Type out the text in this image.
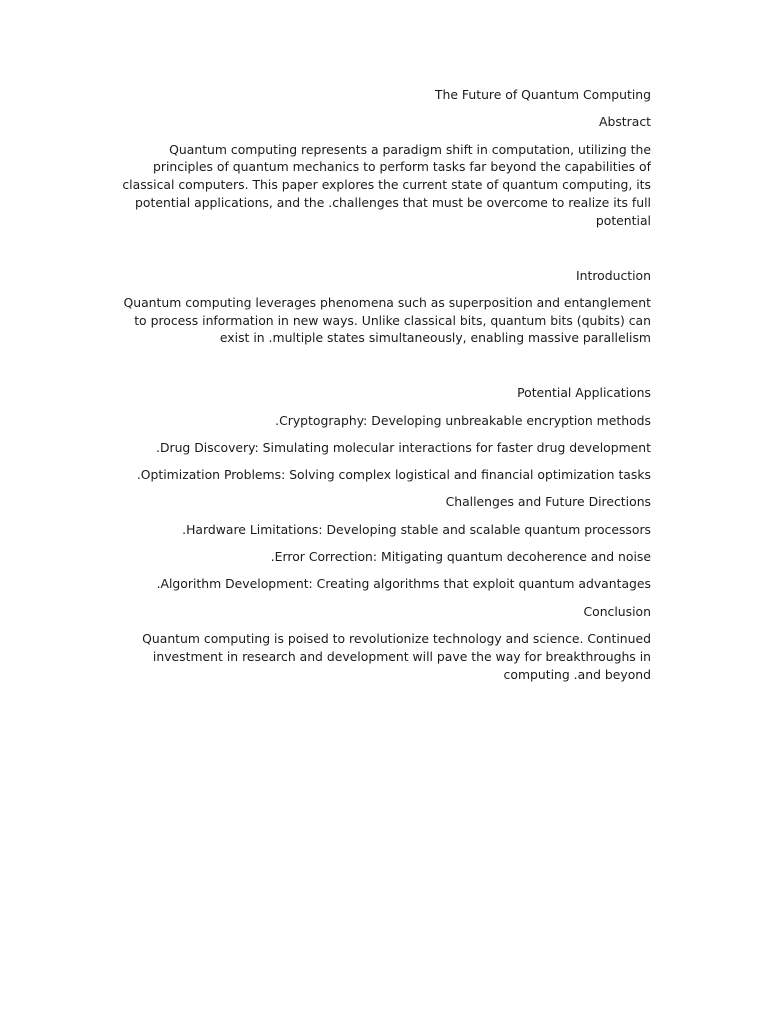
The Future of Quantum Computing

Abstract

Quantum computing represents a paradigm shift in computation, utilizing the principles of quantum mechanics to perform tasks far beyond the capabilities of classical computers. This paper explores the current state of quantum computing, its potential applications, and the .challenges that must be overcome to realize its full potential

Introduction

Quantum computing leverages phenomena such as superposition and entanglement to process information in new ways. Unlike classical bits, quantum bits (qubits) can exist in .multiple states simultaneously, enabling massive parallelism

Potential Applications

.Cryptography: Developing unbreakable encryption methods

.Drug Discovery: Simulating molecular interactions for faster drug development

.Optimization Problems: Solving complex logistical and financial optimization tasks

Challenges and Future Directions

.Hardware Limitations: Developing stable and scalable quantum processors

.Error Correction: Mitigating quantum decoherence and noise

.Algorithm Development: Creating algorithms that exploit quantum advantages

Conclusion

Quantum computing is poised to revolutionize technology and science. Continued investment in research and development will pave the way for breakthroughs in computing .and beyond
